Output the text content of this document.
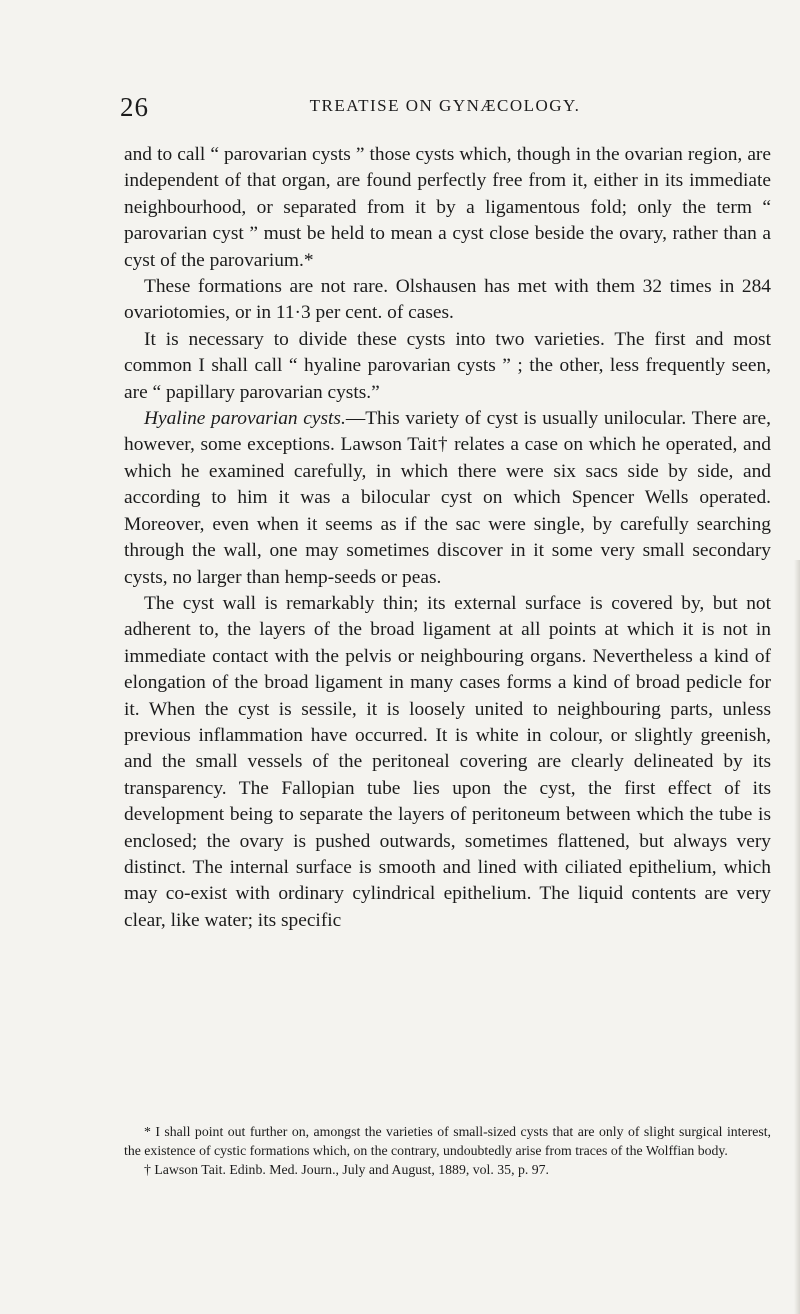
26	TREATISE ON GYNÆCOLOGY.

and to call “ parovarian cysts ” those cysts which, though in the ovarian region, are independent of that organ, are found perfectly free from it, either in its immediate neighbourhood, or separated from it by a ligamentous fold; only the term “ parovarian cyst ” must be held to mean a cyst close beside the ovary, rather than a cyst of the parovarium.*

These formations are not rare. Olshausen has met with them 32 times in 284 ovariotomies, or in 11·3 per cent. of cases.

It is necessary to divide these cysts into two varieties. The first and most common I shall call “ hyaline parovarian cysts ” ; the other, less frequently seen, are “ papillary parovarian cysts.”

Hyaline parovarian cysts.—This variety of cyst is usually unilocular. There are, however, some exceptions. Lawson Tait† relates a case on which he operated, and which he examined carefully, in which there were six sacs side by side, and according to him it was a bilocular cyst on which Spencer Wells operated. Moreover, even when it seems as if the sac were single, by carefully searching through the wall, one may sometimes discover in it some very small secondary cysts, no larger than hemp-seeds or peas.

The cyst wall is remarkably thin; its external surface is covered by, but not adherent to, the layers of the broad ligament at all points at which it is not in immediate contact with the pelvis or neighbouring organs. Nevertheless a kind of elongation of the broad ligament in many cases forms a kind of broad pedicle for it. When the cyst is sessile, it is loosely united to neighbouring parts, unless previous inflammation have occurred. It is white in colour, or slightly greenish, and the small vessels of the peritoneal covering are clearly delineated by its transparency. The Fallopian tube lies upon the cyst, the first effect of its development being to separate the layers of peritoneum between which the tube is enclosed; the ovary is pushed outwards, sometimes flattened, but always very distinct. The internal surface is smooth and lined with ciliated epithelium, which may co-exist with ordinary cylindrical epithelium. The liquid contents are very clear, like water; its specific

* I shall point out further on, amongst the varieties of small-sized cysts that are only of slight surgical interest, the existence of cystic formations which, on the contrary, undoubtedly arise from traces of the Wolffian body.

† Lawson Tait. Edinb. Med. Journ., July and August, 1889, vol. 35, p. 97.
